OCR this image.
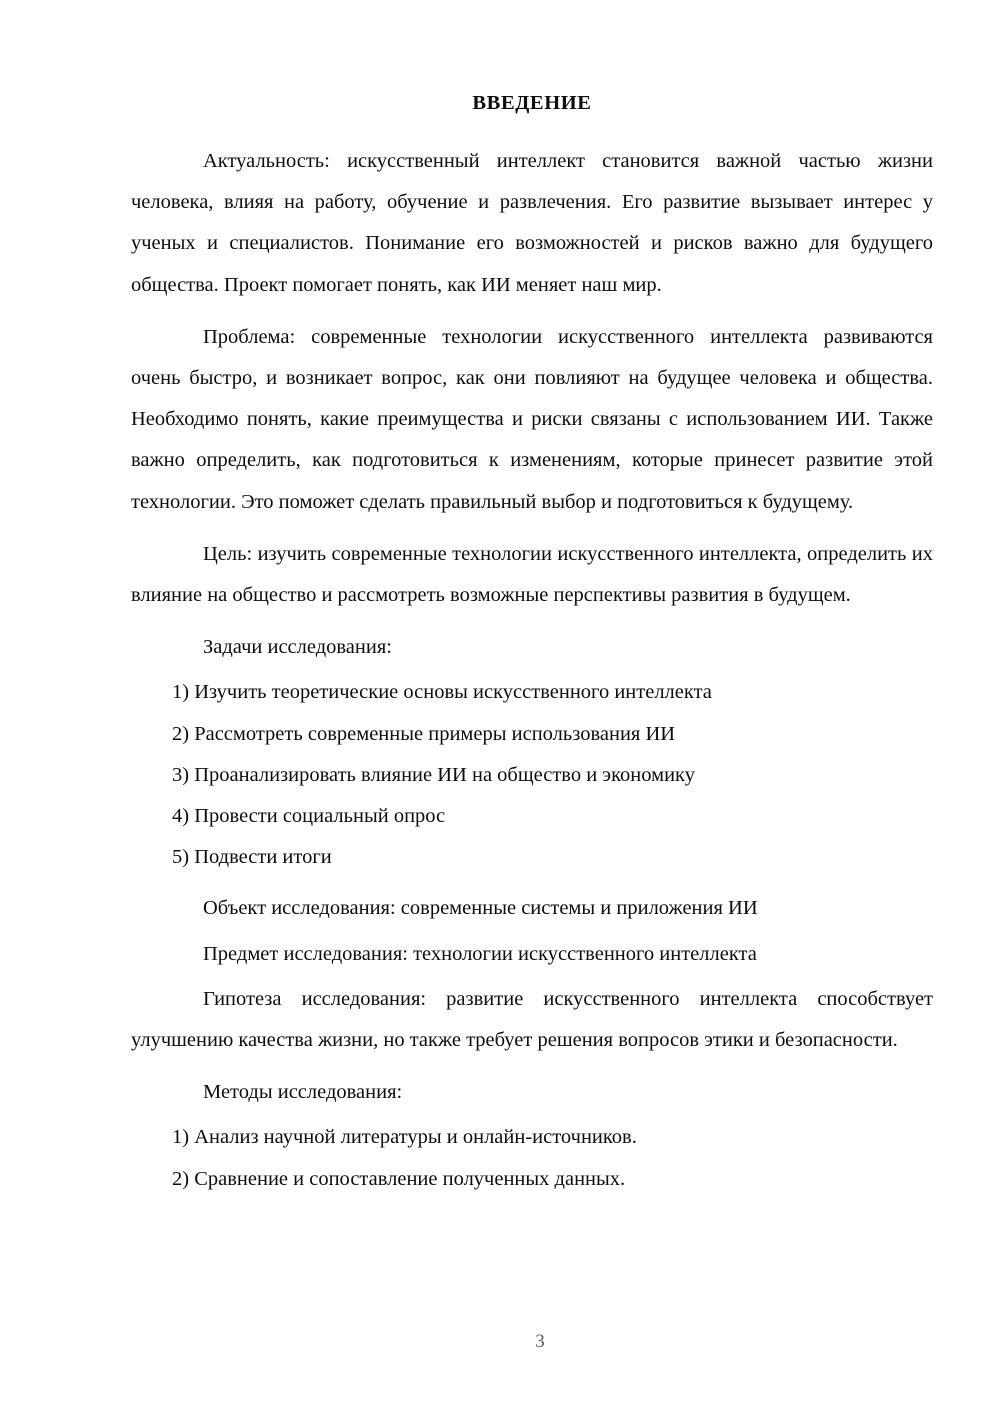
ВВЕДЕНИЕ

Актуальность: искусственный интеллект становится важной частью жизни человека, влияя на работу, обучение и развлечения. Его развитие вызывает интерес у ученых и специалистов. Понимание его возможностей и рисков важно для будущего общества. Проект помогает понять, как ИИ меняет наш мир.

Проблема: современные технологии искусственного интеллекта развиваются очень быстро, и возникает вопрос, как они повлияют на будущее человека и общества. Необходимо понять, какие преимущества и риски связаны с использованием ИИ. Также важно определить, как подготовиться к изменениям, которые принесет развитие этой технологии. Это поможет сделать правильный выбор и подготовиться к будущему.

Цель: изучить современные технологии искусственного интеллекта, определить их влияние на общество и рассмотреть возможные перспективы развития в будущем.

Задачи исследования:

1) Изучить теоретические основы искусственного интеллекта
2) Рассмотреть современные примеры использования ИИ
3) Проанализировать влияние ИИ на общество и экономику
4) Провести социальный опрос
5) Подвести итоги

Объект исследования: современные системы и приложения ИИ

Предмет исследования: технологии искусственного интеллекта

Гипотеза исследования: развитие искусственного интеллекта способствует улучшению качества жизни, но также требует решения вопросов этики и безопасности.

Методы исследования:

1) Анализ научной литературы и онлайн-источников.
2) Сравнение и сопоставление полученных данных.
3
